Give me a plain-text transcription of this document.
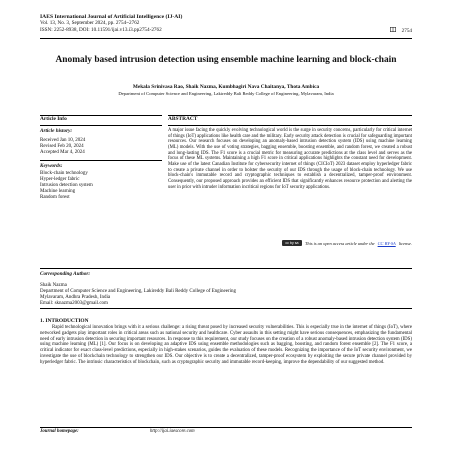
IAES International Journal of Artificial Intelligence (IJ-AI)
Vol. 13, No. 3, September 2024, pp. 2754~2762
ISSN: 2252-8938, DOI: 10.11591/ijai.v13.i3.pp2754-2762	2754
Anomaly based intrusion detection using ensemble machine learning and block-chain
Mekala Srinivasa Rao, Shaik Nazma, Kumbhagiri Nava Chaitanya, Thota Ambica
Department of Computer Science and Engineering, Lakireddy Bali Reddy College of Engineering, Mylavaram, India
Article Info
Article history:
Received Jan 10, 2024
Revised Feb 20, 2024
Accepted Mar 4, 2024
Keywords:
Block-chain technology
Hyper-ledger fabric
Intrusion detection system
Machine learning
Random forest
ABSTRACT
A major issue facing the quickly evolving technological world is the surge in security concerns, particularly for critical internet of things (IoT) applications like health care and the military. Early security attack detection is crucial for safeguarding important resources. Our research focuses on developing an anomaly-based intrusion detection system (IDS) using machine learning (ML) models. With the use of voting strategies, bagging ensemble, boosting ensemble, and random forest, we created a robust and long-lasting IDS. The F1 score is a crucial metric for measuring accurate predictions at the class level and serves as the focus of these ML systems. Maintaining a high F1 score in critical applications highlights the constant need for development. Make use of the latest Canadian Institute for cybersecurity internet of things (CICIoT) 2023 dataset employ hyperledger fabric to create a private channel in order to bolster the security of our IDS through the usage of block-chain technology. We use block-chain's immutable record and cryptographic techniques to establish a decentralized, tamper-proof environment. Consequently, our proposed approach provides an efficient IDS that significantly enhances resource protection and alerting the user in prior with intruder information incritical regions for IoT security applications.
cc by sa	This is an open access article under the CC BY-SA license.
Corresponding Author:
Shaik Nazma
Department of Computer Science and Engineering, Lakireddy Bali Reddy College of Engineering
Mylavaram, Andhra Pradesh, India
Email: sknazma2003@gmail.com
1. INTRODUCTION
Rapid technological innovation brings with it a serious challenge: a rising threat posed by increased security vulnerabilities. This is especially true in the internet of things (IoT), where networked gadgets play important roles in critical areas such as national security and healthcare. Cyber assaults in this setting might have serious consequences, emphasizing the fundamental need of early intrusion detection in securing important resources. In response to this requirement, our study focuses on the creation of a robust anomaly-based intrusion detection system (IDS) using machine learning (ML) [1]. Our focus is on developing an adaptive IDS using ensemble methodologies such as bagging, boosting, and random forest ensemble [2]. The F1 score, a critical indicator for exact class-level predictions, especially in high-stakes scenarios, guides the evaluation of these models. Recognizing the importance of the IoT security environment, we investigate the use of blockchain technology to strengthen our IDS. Our objective is to create a decentralized, tamper-proof ecosystem by exploiting the secure private channel provided by hyperledger fabric. The intrinsic characteristics of blockchain, such as cryptographic security and immutable record-keeping, improve the dependability of our suggested method.
Journal homepage:	http://ijai.iaescore.com
